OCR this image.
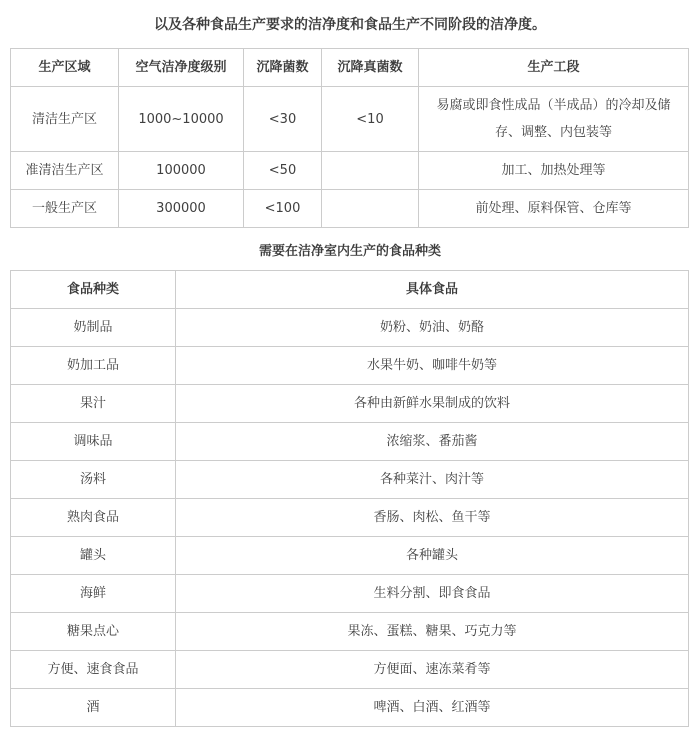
以及各种食品生产要求的洁净度和食品生产不同阶段的洁净度。

生产区域	空气洁净度级别	沉降菌数	沉降真菌数	生产工段
清洁生产区	1000~10000	<30	<10	易腐或即食性成品（半成品）的冷却及储存、调整、内包装等
准清洁生产区	100000	<50		加工、加热处理等
一般生产区	300000	<100		前处理、原料保管、仓库等

需要在洁净室内生产的食品种类

食品种类	具体食品
奶制品	奶粉、奶油、奶酪
奶加工品	水果牛奶、咖啡牛奶等
果汁	各种由新鲜水果制成的饮料
调味品	浓缩浆、番茄酱
汤料	各种菜汁、肉汁等
熟肉食品	香肠、肉松、鱼干等
罐头	各种罐头
海鲜	生料分割、即食食品
糖果点心	果冻、蛋糕、糖果、巧克力等
方便、速食食品	方便面、速冻菜肴等
酒	啤酒、白酒、红酒等
